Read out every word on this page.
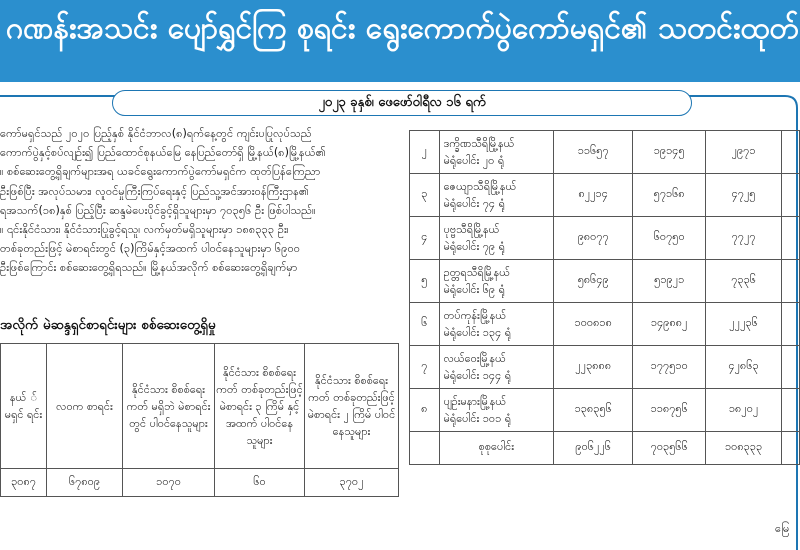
ဂဏန်းအသင်း ပျော်ရွှင်ကြ စုရင်း ရွေးကောက်ပွဲကော်မရှင်၏ သတင်းထုတ်
၂၀၂၃ ခုနှစ်၊ ဖေဖော်ဝါရီလ ၁၆ ရက်

ကော်မရှင်သည် ၂၀၂၀ ပြည့်နှစ် နိုင်ငံဘာလ(၈)ရက်နေ့တွင် ကျင်းပပြုလုပ်သည်

ကောက်ပွဲနှင့်စပ်လျဉ်း၍ ပြည်ထောင်စုနယ်မြေ နေပြည်တော်ရှိ မြို့နယ်(၈)မြို့နယ်၏

။ စစ်ဆေးတွေ့ရှိချက်များအရ ယခင်ရွေးကောက်ပွဲကော်မရှင်က ထုတ်ပြန်ကြေညာ

ဦးဖြစ်ပြီး အလုပ်သမား၊ လူဝင်မှုကြီးကြပ်ရေးနှင့် ပြည်သူ့အင်အားဝန်ကြီးဌာန၏

ရအသက်(၁၈)နှစ် ပြည့်ပြီး ဆန္ဒမဲပေးပိုင်ခွင့်ရှိသူများမှာ ၇၀၃၅၆ ဦး ဖြစ်ပါသည်။

။ ၎င်းနိုင်ငံသား၊ နိုင်ငံသားပြုခွင့်ရသူ၊ လက်မှတ်မရှိသူများမှာ ၁၈၈၃၃၃ ဦး၊

တစ်ခုတည်းဖြင့် မဲစာရင်းတွင် (၃)ကြိမ်နှင့်အထက် ပါဝင်နေသူများမှာ ၆၉၀၀

ဦးဖြစ်ကြောင်း စစ်ဆေးတွေ့ရှိရသည်။ မြို့နယ်အလိုက် စစ်ဆေးတွေ့ရှိချက်မှာ

အလိုက် မဲဆန္ဒရှင်စာရင်းများ စစ်ဆေးတွေ့ရှိမှု
နယ် ်မရှင် ရင်း	လဝက စာရင်း	နိုင်ငံသား စိစစ်ရေးကတ် မရှိဘဲ မဲစာရင်းတွင် ပါဝင်နေသူများ	နိုင်ငံသား စိစစ်ရေးကတ် တစ်ခုတည်းဖြင့် မဲစာရင်း ၃ ကြိမ် နှင့်အထက် ပါဝင်နေသူများ	နိုင်ငံသား စိစစ်ရေးကတ် တစ်ခုတည်းဖြင့် မဲစာရင်း ၂ ကြိမ် ပါဝင်နေသူများ
၃၀၈၇	၆၇၈၀၉	၁၀၇၀	၆၀	၃၇၀၂
၂	ဒက္ခိဏသီရိမြို့နယ်
မဲရုံပေါင်း ၂၀ ရုံ	၁၁၆၅၇	၁၉၁၄၅	၂၉၇၁	
၃	ဇေယျာသီရိမြို့နယ်
မဲရုံပေါင်း ၇၄ ရုံ	၈၂၂၁၄	၅၇၁၆၈	၄၇၂၅	
၄	ပုဗ္ဗသီရိမြို့နယ်
မဲရုံပေါင်း ၇၉ ရုံ	၉၈၀၇၇	၆၀၇၅၀	၇၇၂၇	
၅	ဥတ္တရသီရိမြို့နယ်
မဲရုံပေါင်း ၆၉ ရုံ	၅၈၆၄၉	၅၁၉၂၁	၇၃၃၆	
၆	တပ်ကုန်းမြို့နယ်
မဲရုံပေါင်း ၁၃၄ ရုံ	၁၀၀၈၁၈	၁၄၉၈၈၂	၂၂၂၃၆	
၇	လယ်ဝေးမြို့နယ်
မဲရုံပေါင်း ၁၄၄ ရုံ	၂၂၃၈၈၈	၁၇၇၅၁၀	၄၂၈၆၃	
၈	ပျဉ်းမနားမြို့နယ်
မဲရုံပေါင်း ၁၀၁ ရုံ	၁၃၈၃၅၆	၁၁၈၇၅၆	၁၈၂၀၂	
	စုစုပေါင်း	၉၀၆၂၂၆	၇၀၃၅၆၆	၁၀၈၃၃၃	
မြေ
